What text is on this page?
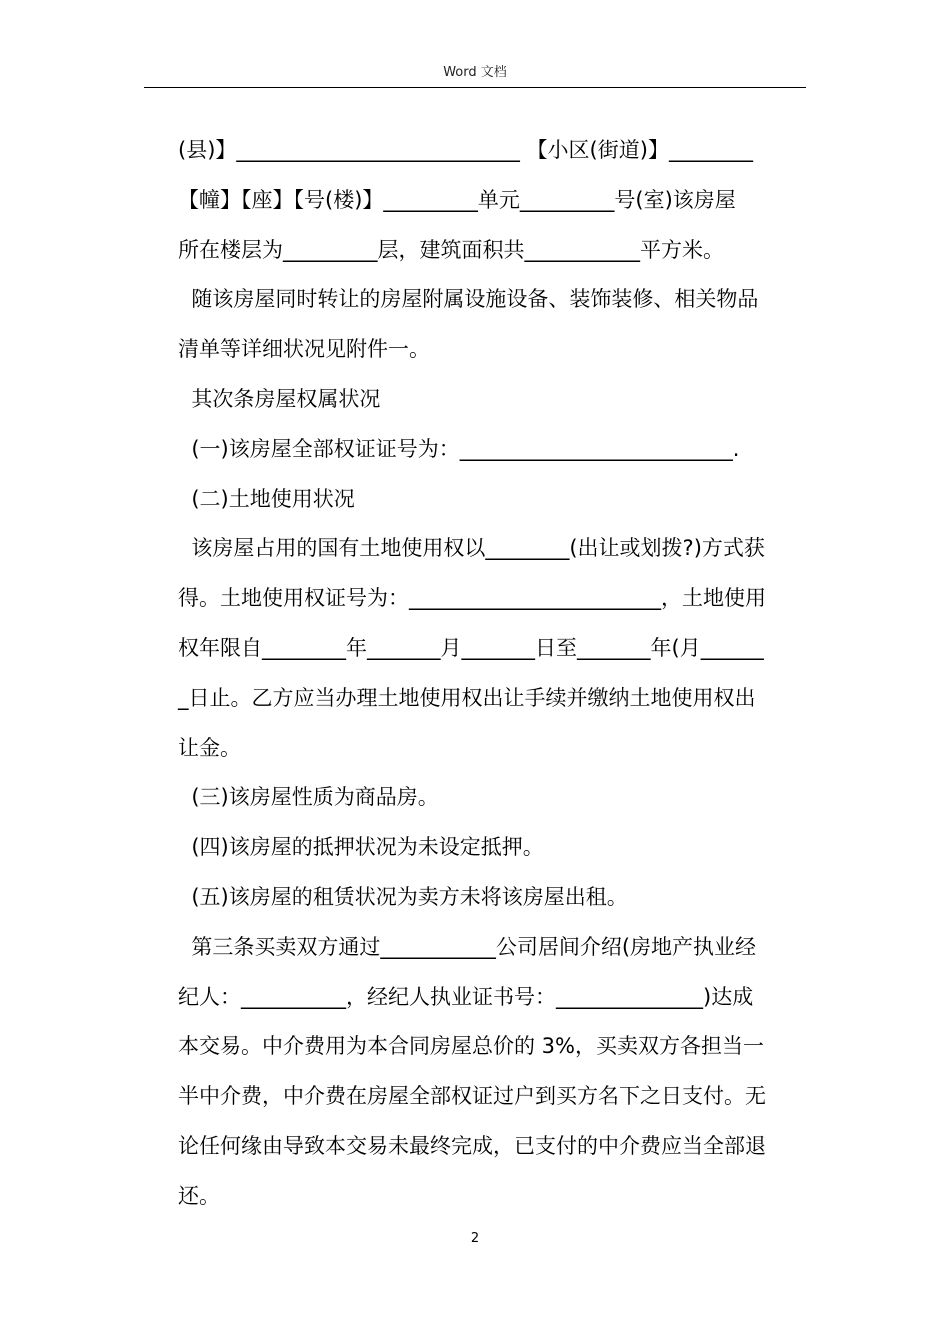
Word 文档
(县)】___________________________ 【小区(街道)】________
【幢】【座】【号(楼)】_________单元_________号(室)该房屋
所在楼层为_________层，建筑面积共___________平方米。
随该房屋同时转让的房屋附属设施设备、装饰装修、相关物品
清单等详细状况见附件一。
其次条房屋权属状况
(一)该房屋全部权证证号为：__________________________.
(二)土地使用状况
该房屋占用的国有土地使用权以________(出让或划拨?)方式获
得。土地使用权证号为：________________________，土地使用
权年限自________年_______月_______日至_______年(月______
_日止。乙方应当办理土地使用权出让手续并缴纳土地使用权出
让金。
(三)该房屋性质为商品房。
(四)该房屋的抵押状况为未设定抵押。
(五)该房屋的租赁状况为卖方未将该房屋出租。
第三条买卖双方通过___________公司居间介绍(房地产执业经
纪人：__________，经纪人执业证书号：______________)达成
本交易。中介费用为本合同房屋总价的 3%，买卖双方各担当一
半中介费，中介费在房屋全部权证过户到买方名下之日支付。无
论任何缘由导致本交易未最终完成，已支付的中介费应当全部退
还。
2
